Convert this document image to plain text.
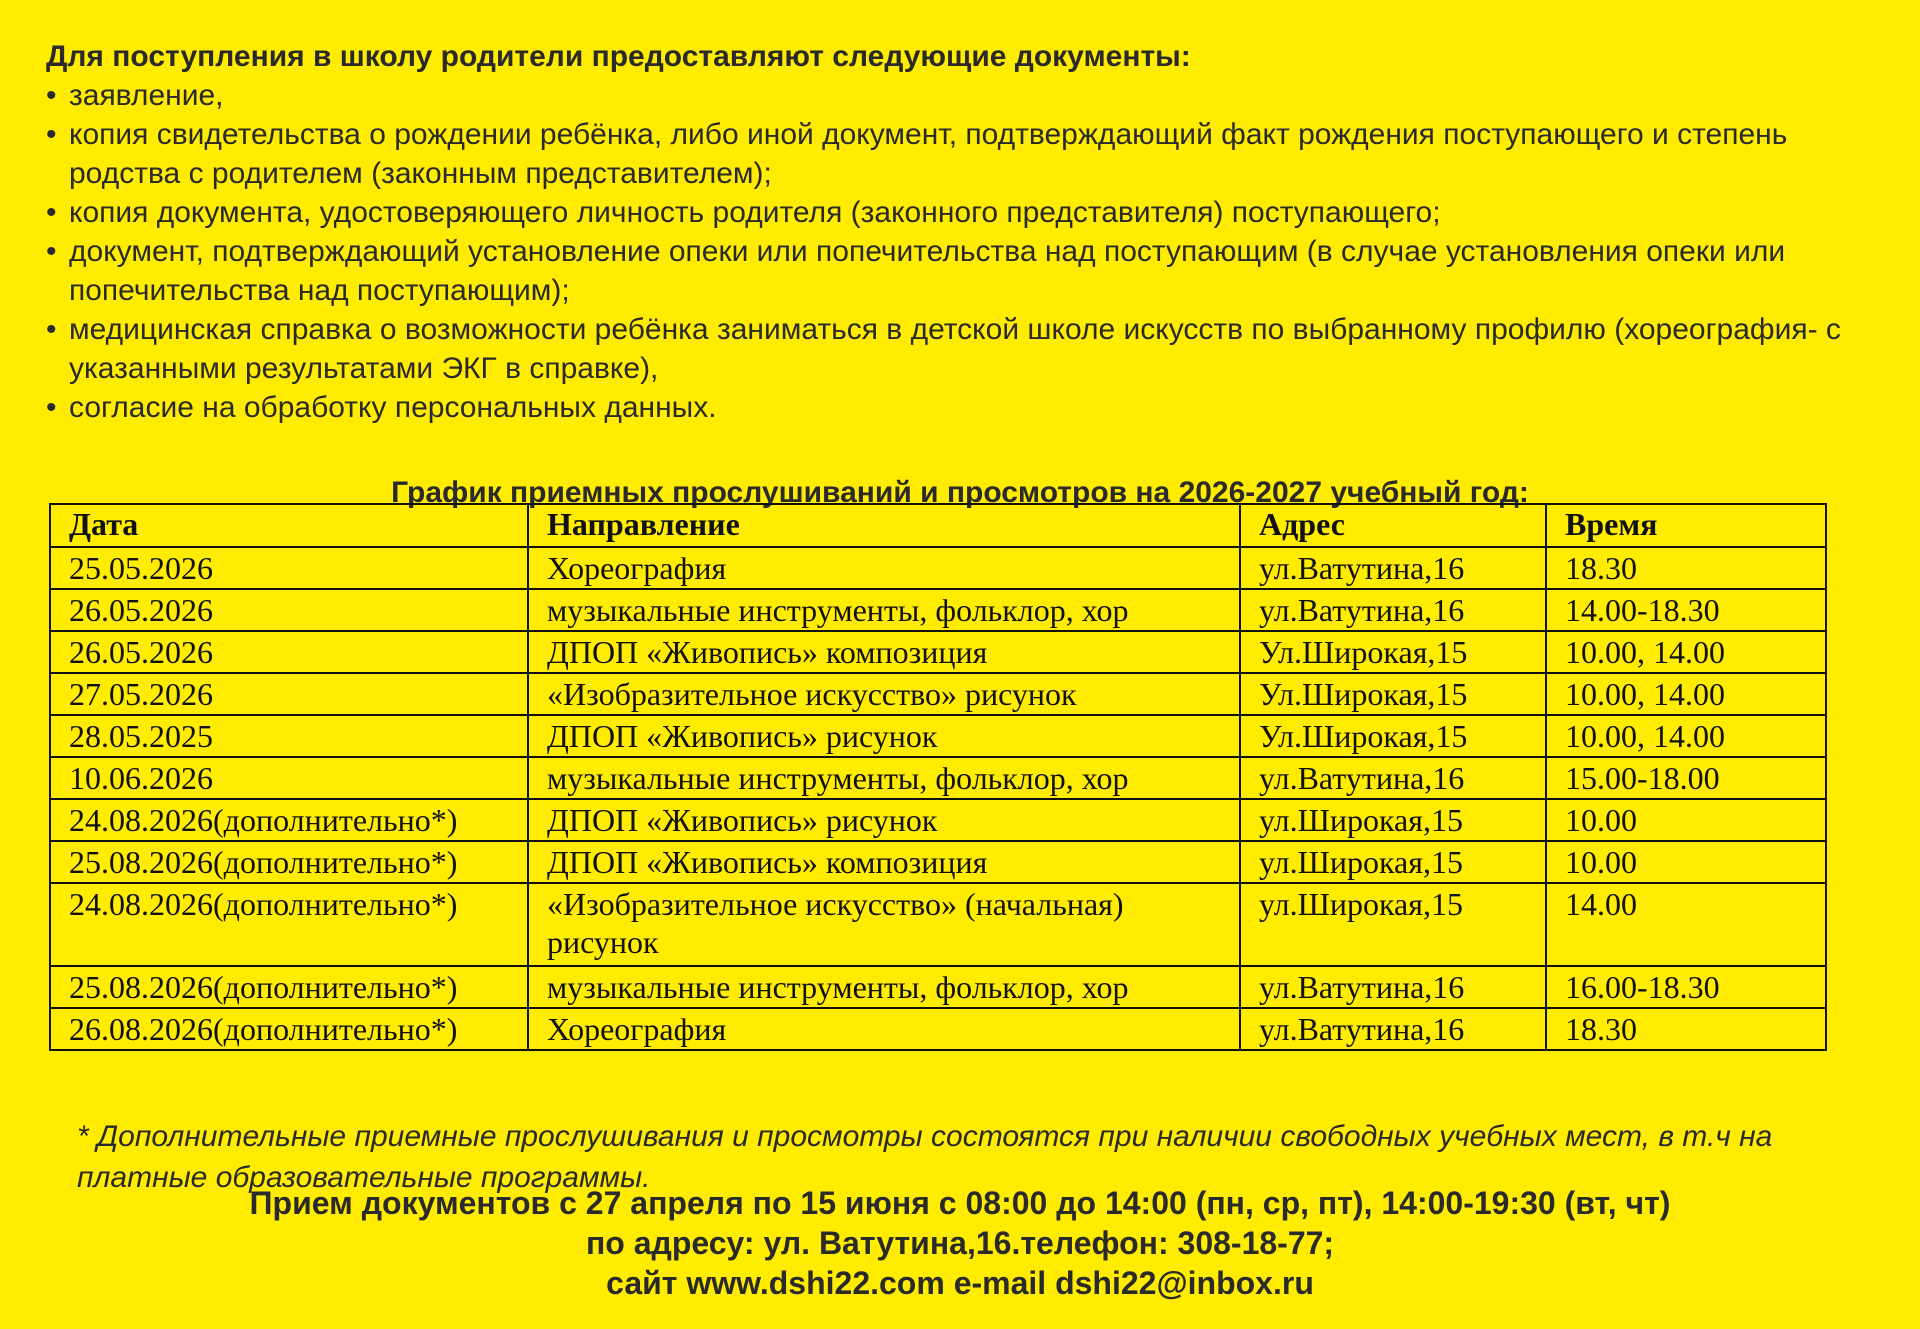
Для поступления в школу родители предоставляют следующие документы:

• заявление,
• копия свидетельства о рождении ребёнка, либо иной документ, подтверждающий факт рождения поступающего и степень родства с родителем (законным представителем);
• копия документа, удостоверяющего личность родителя (законного представителя) поступающего;
• документ, подтверждающий установление опеки или попечительства над поступающим (в случае установления опеки или попечительства над поступающим);
• медицинская справка о возможности ребёнка заниматься в детской школе искусств по выбранному профилю (хореография- с указанными результатами ЭКГ в справке),
• согласие на обработку персональных данных.
График приемных прослушиваний и просмотров на 2026-2027 учебный год:
Дата	Направление	Адрес	Время
25.05.2026	Хореография	ул.Ватутина,16	18.30
26.05.2026	музыкальные инструменты, фольклор, хор	ул.Ватутина,16	14.00-18.30
26.05.2026	ДПОП «Живопись» композиция	Ул.Широкая,15	10.00, 14.00
27.05.2026	«Изобразительное искусство» рисунок	Ул.Широкая,15	10.00, 14.00
28.05.2025	ДПОП «Живопись» рисунок	Ул.Широкая,15	10.00, 14.00
10.06.2026	музыкальные инструменты, фольклор, хор	ул.Ватутина,16	15.00-18.00
24.08.2026(дополнительно*)	ДПОП «Живопись» рисунок	ул.Широкая,15	10.00
25.08.2026(дополнительно*)	ДПОП «Живопись» композиция	ул.Широкая,15	10.00
24.08.2026(дополнительно*)	«Изобразительное искусство» (начальная) рисунок	ул.Широкая,15	14.00
25.08.2026(дополнительно*)	музыкальные инструменты, фольклор, хор	ул.Ватутина,16	16.00-18.30
26.08.2026(дополнительно*)	Хореография	ул.Ватутина,16	18.30

* Дополнительные приемные прослушивания и просмотры состоятся при наличии свободных учебных мест, в т.ч на платные образовательные программы.

Прием документов с 27 апреля по 15 июня с 08:00 до 14:00 (пн, ср, пт), 14:00-19:30 (вт, чт)
по адресу: ул. Ватутина,16.телефон: 308-18-77;
сайт www.dshi22.com e-mail dshi22@inbox.ru
